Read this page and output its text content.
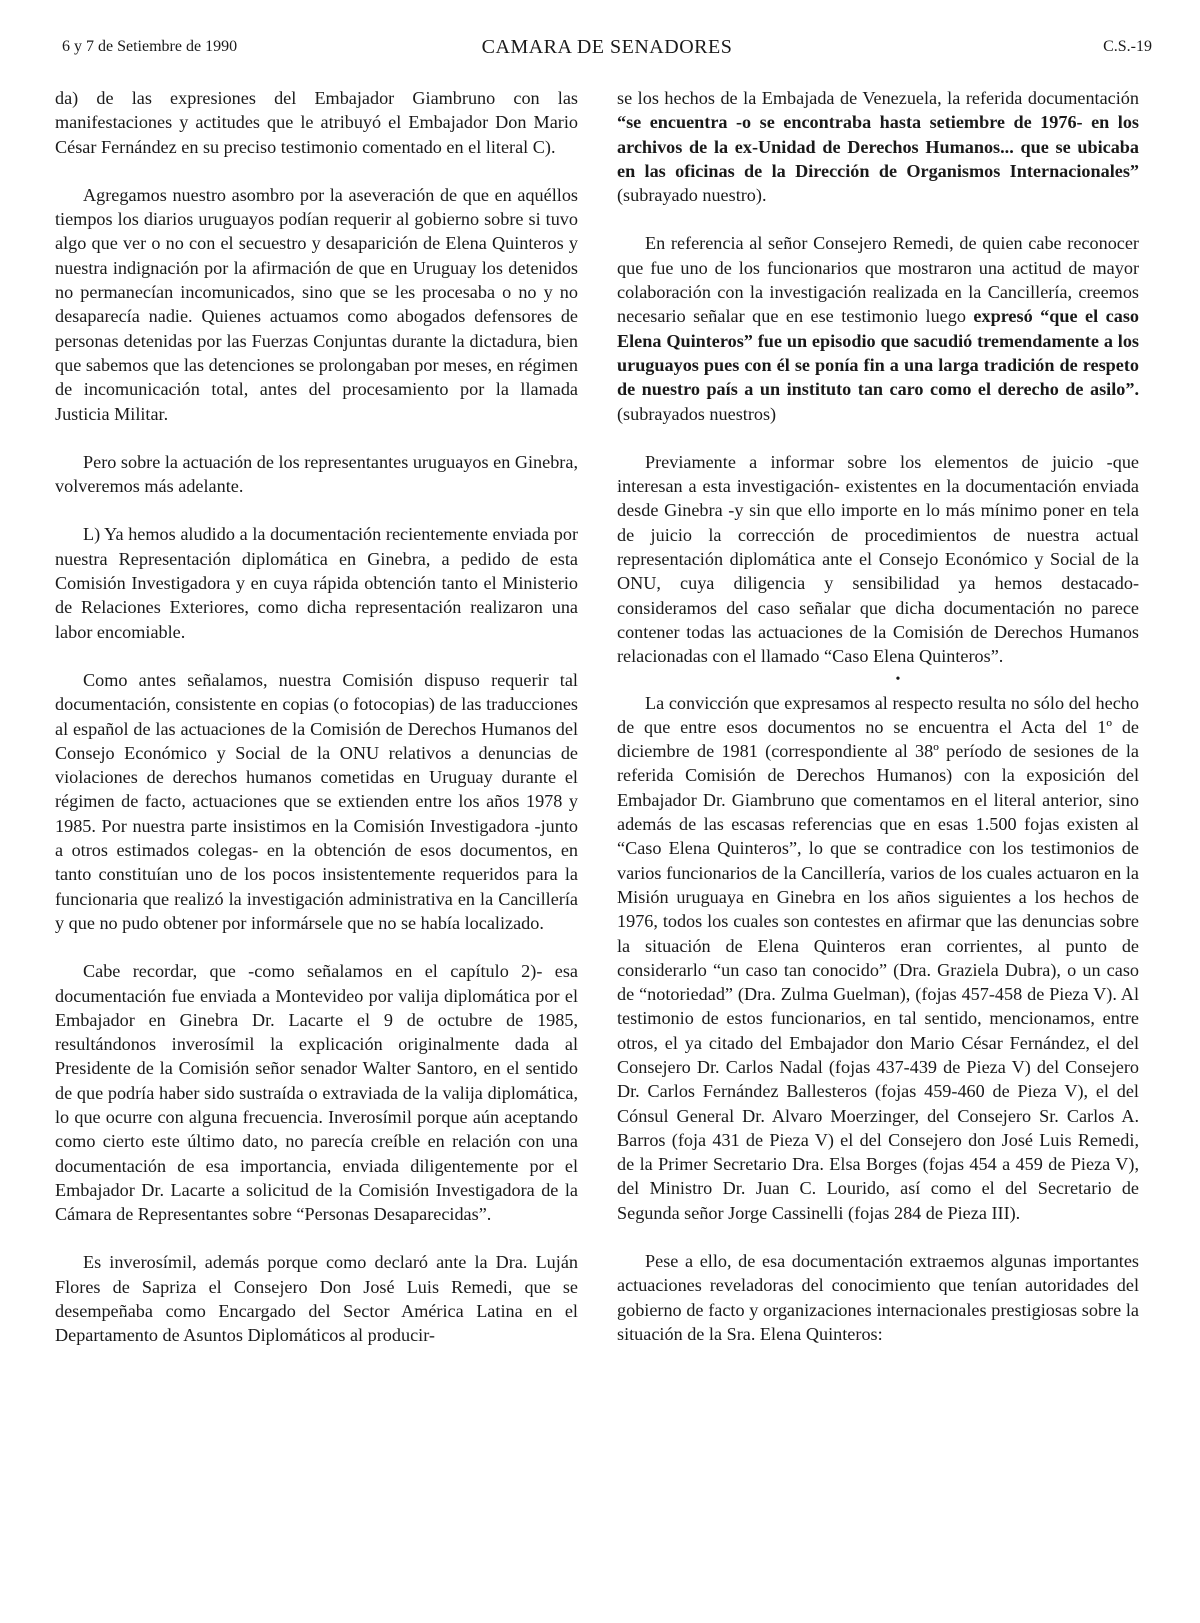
6 y 7 de Setiembre de 1990	CAMARA DE SENADORES	C.S.-19

da) de las expresiones del Embajador Giambruno con las manifestaciones y actitudes que le atribuyó el Embajador Don Mario César Fernández en su preciso testimonio comentado en el literal C).

Agregamos nuestro asombro por la aseveración de que en aquéllos tiempos los diarios uruguayos podían requerir al gobierno sobre si tuvo algo que ver o no con el secuestro y desaparición de Elena Quinteros y nuestra indignación por la afirmación de que en Uruguay los detenidos no permanecían incomunicados, sino que se les procesaba o no y no desaparecía nadie. Quienes actuamos como abogados defensores de personas detenidas por las Fuerzas Conjuntas durante la dictadura, bien que sabemos que las detenciones se prolongaban por meses, en régimen de incomunicación total, antes del procesamiento por la llamada Justicia Militar.

Pero sobre la actuación de los representantes uruguayos en Ginebra, volveremos más adelante.

L) Ya hemos aludido a la documentación recientemente enviada por nuestra Representación diplomática en Ginebra, a pedido de esta Comisión Investigadora y en cuya rápida obtención tanto el Ministerio de Relaciones Exteriores, como dicha representación realizaron una labor encomiable.

Como antes señalamos, nuestra Comisión dispuso requerir tal documentación, consistente en copias (o fotocopias) de las traducciones al español de las actuaciones de la Comisión de Derechos Humanos del Consejo Económico y Social de la ONU relativos a denuncias de violaciones de derechos humanos cometidas en Uruguay durante el régimen de facto, actuaciones que se extienden entre los años 1978 y 1985. Por nuestra parte insistimos en la Comisión Investigadora -junto a otros estimados colegas- en la obtención de esos documentos, en tanto constituían uno de los pocos insistentemente requeridos para la funcionaria que realizó la investigación administrativa en la Cancillería y que no pudo obtener por informársele que no se había localizado.

Cabe recordar, que -como señalamos en el capítulo 2)- esa documentación fue enviada a Montevideo por valija diplomática por el Embajador en Ginebra Dr. Lacarte el 9 de octubre de 1985, resultándonos inverosímil la explicación originalmente dada al Presidente de la Comisión señor senador Walter Santoro, en el sentido de que podría haber sido sustraída o extraviada de la valija diplomática, lo que ocurre con alguna frecuencia. Inverosímil porque aún aceptando como cierto este último dato, no parecía creíble en relación con una documentación de esa importancia, enviada diligentemente por el Embajador Dr. Lacarte a solicitud de la Comisión Investigadora de la Cámara de Representantes sobre “Personas Desaparecidas”.

Es inverosímil, además porque como declaró ante la Dra. Luján Flores de Sapriza el Consejero Don José Luis Remedi, que se desempeñaba como Encargado del Sector América Latina en el Departamento de Asuntos Diplomáticos al producir-

se los hechos de la Embajada de Venezuela, la referida documentación “se encuentra -o se encontraba hasta setiembre de 1976- en los archivos de la ex-Unidad de Derechos Humanos... que se ubicaba en las oficinas de la Dirección de Organismos Internacionales” (subrayado nuestro).

En referencia al señor Consejero Remedi, de quien cabe reconocer que fue uno de los funcionarios que mostraron una actitud de mayor colaboración con la investigación realizada en la Cancillería, creemos necesario señalar que en ese testimonio luego expresó “que el caso Elena Quinteros” fue un episodio que sacudió tremendamente a los uruguayos pues con él se ponía fin a una larga tradición de respeto de nuestro país a un instituto tan caro como el derecho de asilo”. (subrayados nuestros)

Previamente a informar sobre los elementos de juicio -que interesan a esta investigación- existentes en la documentación enviada desde Ginebra -y sin que ello importe en lo más mínimo poner en tela de juicio la corrección de procedimientos de nuestra actual representación diplomática ante el Consejo Económico y Social de la ONU, cuya diligencia y sensibilidad ya hemos destacado- consideramos del caso señalar que dicha documentación no parece contener todas las actuaciones de la Comisión de Derechos Humanos relacionadas con el llamado “Caso Elena Quinteros”.

•

La convicción que expresamos al respecto resulta no sólo del hecho de que entre esos documentos no se encuentra el Acta del 1º de diciembre de 1981 (correspondiente al 38º período de sesiones de la referida Comisión de Derechos Humanos) con la exposición del Embajador Dr. Giambruno que comentamos en el literal anterior, sino además de las escasas referencias que en esas 1.500 fojas existen al “Caso Elena Quinteros”, lo que se contradice con los testimonios de varios funcionarios de la Cancillería, varios de los cuales actuaron en la Misión uruguaya en Ginebra en los años siguientes a los hechos de 1976, todos los cuales son contestes en afirmar que las denuncias sobre la situación de Elena Quinteros eran corrientes, al punto de considerarlo “un caso tan conocido” (Dra. Graziela Dubra), o un caso de “notoriedad” (Dra. Zulma Guelman), (fojas 457-458 de Pieza V). Al testimonio de estos funcionarios, en tal sentido, mencionamos, entre otros, el ya citado del Embajador don Mario César Fernández, el del Consejero Dr. Carlos Nadal (fojas 437-439 de Pieza V) del Consejero Dr. Carlos Fernández Ballesteros (fojas 459-460 de Pieza V), el del Cónsul General Dr. Alvaro Moerzinger, del Consejero Sr. Carlos A. Barros (foja 431 de Pieza V) el del Consejero don José Luis Remedi, de la Primer Secretario Dra. Elsa Borges (fojas 454 a 459 de Pieza V), del Ministro Dr. Juan C. Lourido, así como el del Secretario de Segunda señor Jorge Cassinelli (fojas 284 de Pieza III).

Pese a ello, de esa documentación extraemos algunas importantes actuaciones reveladoras del conocimiento que tenían autoridades del gobierno de facto y organizaciones internacionales prestigiosas sobre la situación de la Sra. Elena Quinteros:
